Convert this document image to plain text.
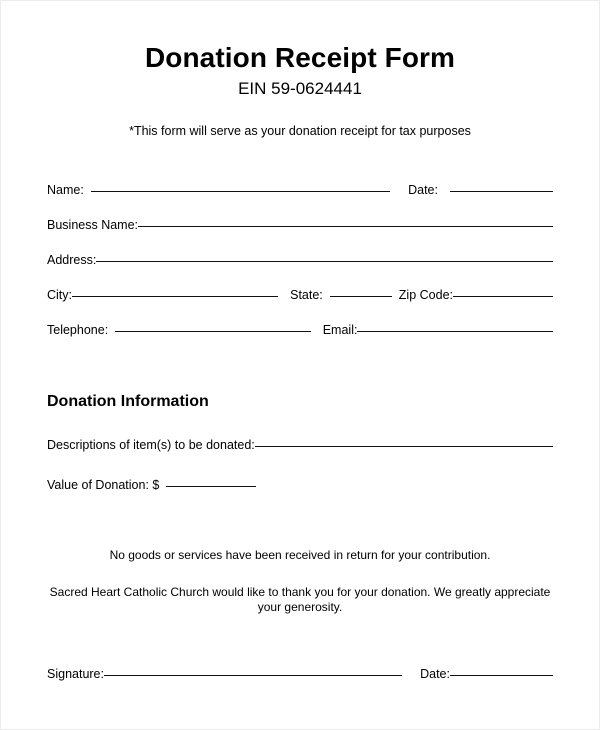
Donation Receipt Form
EIN 59-0624441
*This form will serve as your donation receipt for tax purposes
Name:	Date:
Business Name:
Address:
City:	State:	Zip Code:
Telephone:	Email:
Donation Information
Descriptions of item(s) to be donated:
Value of Donation: $
No goods or services have been received in return for your contribution.
Sacred Heart Catholic Church would like to thank you for your donation. We greatly appreciate your generosity.
Signature:	Date:
